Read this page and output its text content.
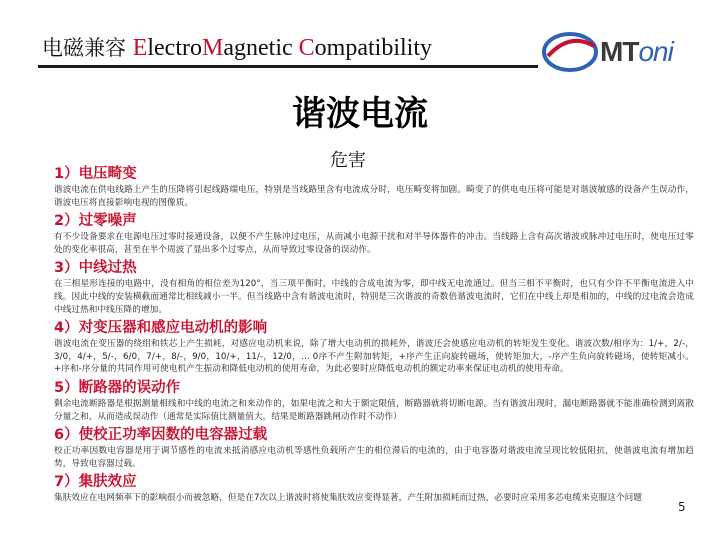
电磁兼容 ElectroMagnetic Compatibility	MToni
谐波电流
危害

1）电压畸变

谐波电流在供电线路上产生的压降将引起线路端电压，特别是当线路里含有电流成分时，电压畸变将加剧。畸变了的供电电压将可能是对谐波敏感的设备产生误动作，谐波电压将直接影响电视的图像质。

2）过零噪声

有不少设备要求在电源电压过零时接通设备，以便不产生脉冲过电压，从而减小电源干扰和对半导体器件的冲击。当线路上含有高次谐波或脉冲过电压时，使电压过零处的变化率很高，甚至在半个周波了显出多个过零点，从而导致过零设备的误动作。

3）中线过热

在三相星形连接的电路中，没有相角的相位差为120°，当三项平衡时，中线的合成电流为零，即中线无电流通过。但当三相不平衡时，也只有少许不平衡电流进入中线。因此中线的安装横截面通常比相线减小一半。但当线路中含有谐波电流时，特别是三次谐波的奇数倍谐波电流时，它们在中线上却是相加的，中线的过电流会造成中线过热和中线压降的增加。

4）对变压器和感应电动机的影响

谐波电流在变压器的绕组和铁芯上产生损耗，对感应电动机来说，除了增大电动机的损耗外，谐波还会使感应电动机的转矩发生变化。谐波次数/相序为：1/+，2/-，3/0，4/+，5/-，6/0，7/+，8/-，9/0，10/+，11/-，12/0，… 0序不产生附加转矩，+序产生正向旋转磁场，使转矩加大，-序产生负向旋转磁场，使转矩减小。+序和-序分量的共同作用可使电机产生振动和降低电动机的使用寿命，为此必要时应降低电动机的额定功率来保证电动机的使用寿命。

5）断路器的误动作

剩余电流断路器是根据测量相线和中线的电流之和来动作的，如果电流之和大于额定限值，断路器就将切断电源。当有谐波出现时，漏电断路器就不能准确检测到离散分量之和，从而造成误动作（通常是实际值比测量值大，结果是断路器跳闸动作时不动作）

6）使校正功率因数的电容器过载

校正功率因数电容器是用于调节感性的电流来抵消感应电动机等感性负载所产生的相位滞后的电流的，由于电容器对谐波电流呈现比较低阻抗，使谐波电流有增加趋势，导致电容器过载。

7）集肤效应

集肤效应在电网频率下的影响很小而被忽略，但是在7次以上谐波时将使集肤效应变得显著，产生附加损耗而过热，必要时应采用多芯电缆来克服这个问题

5
